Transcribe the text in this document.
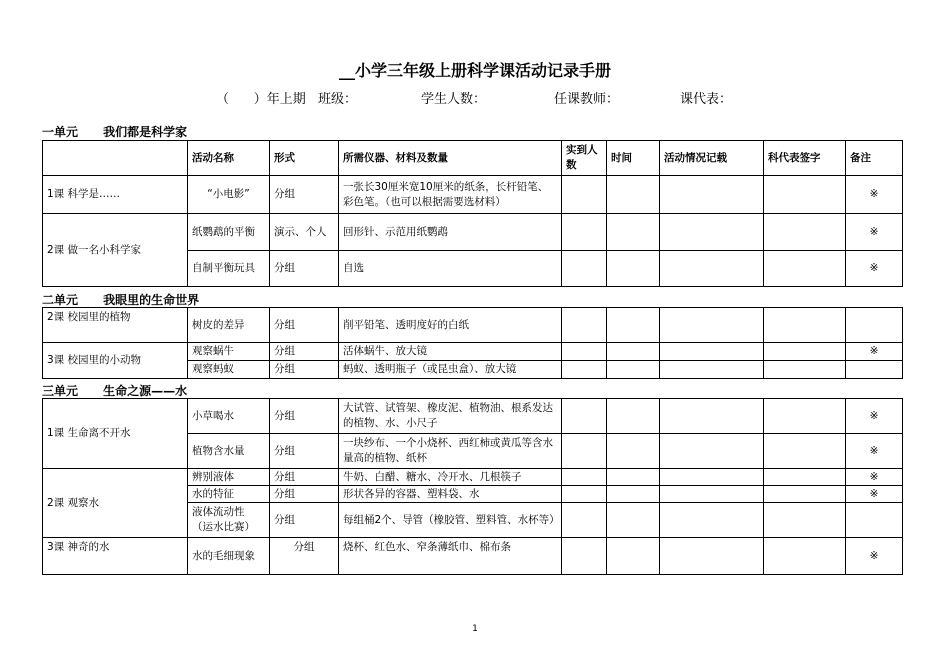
__小学三年级上册科学课活动记录手册
（      ）年上期 班级：	学生人数：	任课教师：	课代表：
一单元      我们都是科学家
	活动名称	形式	所需仪器、材料及数量	实到人数	时间	活动情况记载	科代表签字	备注
1课 科学是……	“小电影”	分组	一张长30厘米宽10厘米的纸条，长杆铅笔、彩色笔。（也可以根据需要选材料）					※
2课 做一名小科学家	纸鹦鹉的平衡	演示、个人	回形针、示范用纸鹦鹉					※
	自制平衡玩具	分组	自选					※
二单元      我眼里的生命世界
2课 校园里的植物	树皮的差异	分组	削平铅笔、透明度好的白纸					
3课 校园里的小动物	观察蜗牛	分组	活体蜗牛、放大镜					※
	观察蚂蚁	分组	蚂蚁、透明瓶子（或昆虫盒）、放大镜					
三单元      生命之源——水
1课 生命离不开水	小草喝水	分组	大试管、试管架、橡皮泥、植物油、根系发达的植物、水、小尺子					※
	植物含水量	分组	一块纱布、一个小烧杯、西红柿或黄瓜等含水量高的植物、纸杯					※
2课 观察水	辨别液体	分组	牛奶、白醋、糖水、冷开水、几根筷子					※
	水的特征	分组	形状各异的容器、塑料袋、水					※
	液体流动性（运水比赛）	分组	每组桶2个、导管（橡胶管、塑料管、水杯等）					
3课 神奇的水	水的毛细现象	分组	烧杯、红色水、窄条薄纸巾、棉布条					※
1
